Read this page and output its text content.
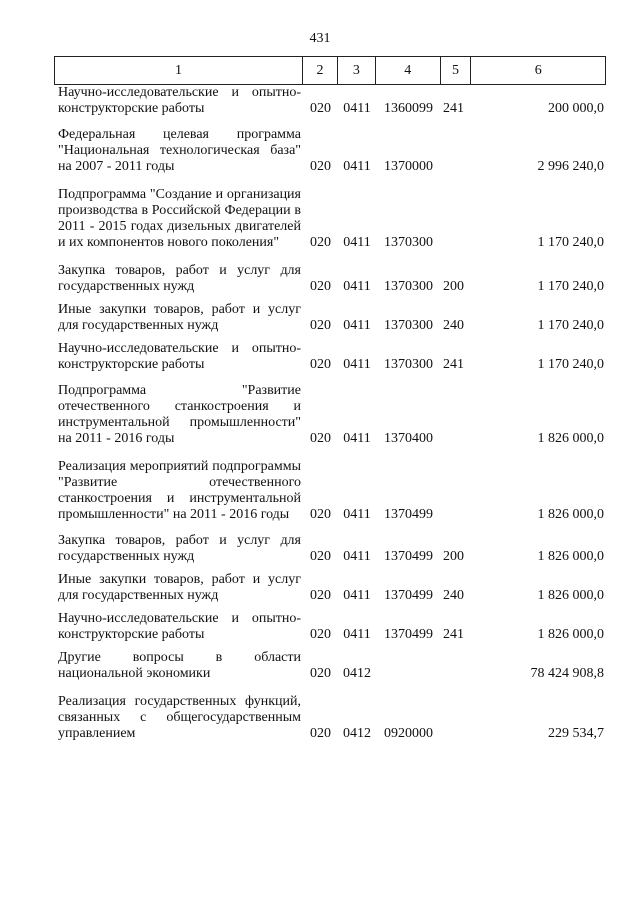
431
1	2	3	4	5	6
Научно-исследовательские и опытно-конструкторские работы	020 0411 1360099 241	200 000,0
Федеральная целевая программа "Национальная технологическая база" на 2007 - 2011 годы	020 0411 1370000	2 996 240,0
Подпрограмма "Создание и организация производства в Российской Федерации в 2011 - 2015 годах дизельных двигателей и их компонентов нового поколения"	020 0411 1370300	1 170 240,0
Закупка товаров, работ и услуг для государственных нужд	020 0411 1370300 200	1 170 240,0
Иные закупки товаров, работ и услуг для государственных нужд	020 0411 1370300 240	1 170 240,0
Научно-исследовательские и опытно-конструкторские работы	020 0411 1370300 241	1 170 240,0
Подпрограмма "Развитие отечественного станкостроения и инструментальной промышленности" на 2011 - 2016 годы	020 0411 1370400	1 826 000,0
Реализация мероприятий подпрограммы "Развитие отечественного станкостроения и инструментальной промышленности" на 2011 - 2016 годы	020 0411 1370499	1 826 000,0
Закупка товаров, работ и услуг для государственных нужд	020 0411 1370499 200	1 826 000,0
Иные закупки товаров, работ и услуг для государственных нужд	020 0411 1370499 240	1 826 000,0
Научно-исследовательские и опытно-конструкторские работы	020 0411 1370499 241	1 826 000,0
Другие вопросы в области национальной экономики	020 0412	78 424 908,8
Реализация государственных функций, связанных с общегосударственным управлением	020 0412 0920000	229 534,7
